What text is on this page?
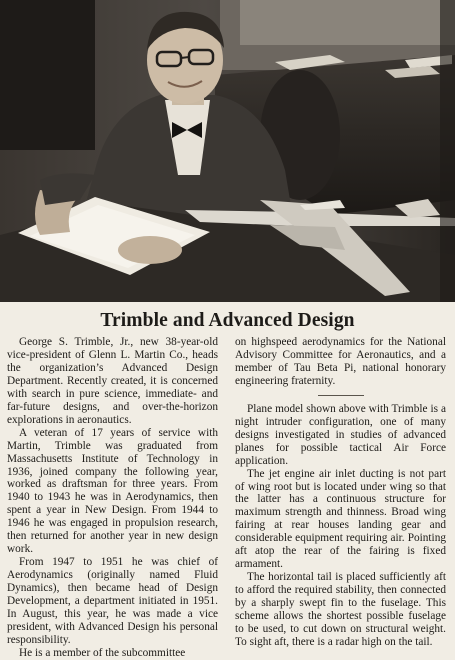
Trimble and Advanced Design

George S. Trimble, Jr., new 38-year-old vice-president of Glenn L. Martin Co., heads the organization’s Advanced Design Department. Recently created, it is concerned with search in pure science, immediate- and far-future designs, and over-the-horizon explorations in aeronautics.

A veteran of 17 years of service with Martin, Trimble was graduated from Massachusetts Institute of Technology in 1936, joined company the following year, worked as draftsman for three years. From 1940 to 1943 he was in Aerodynamics, then spent a year in New Design. From 1944 to 1946 he was engaged in propulsion research, then returned for another year in new design work.

From 1947 to 1951 he was chief of Aerodynamics (originally named Fluid Dynamics), then became head of Design Development, a department initiated in 1951. In August, this year, he was made a vice president, with Advanced Design his personal responsibility.

He is a member of the subcommittee

on highspeed aerodynamics for the National Advisory Committee for Aeronautics, and a member of Tau Beta Pi, national honorary engineering fraternity.

Plane model shown above with Trimble is a night intruder configuration, one of many designs investigated in studies of advanced planes for possible tactical Air Force application.

The jet engine air inlet ducting is not part of wing root but is located under wing so that the latter has a continuous structure for maximum strength and thinness. Broad wing fairing at rear houses landing gear and considerable equipment requiring air. Pointing aft atop the rear of the fairing is fixed armament.

The horizontal tail is placed sufficiently aft to afford the required stability, then connected by a sharply swept fin to the fuselage. This scheme allows the shortest possible fuselage to be used, to cut down on structural weight. To sight aft, there is a radar high on the tail.
